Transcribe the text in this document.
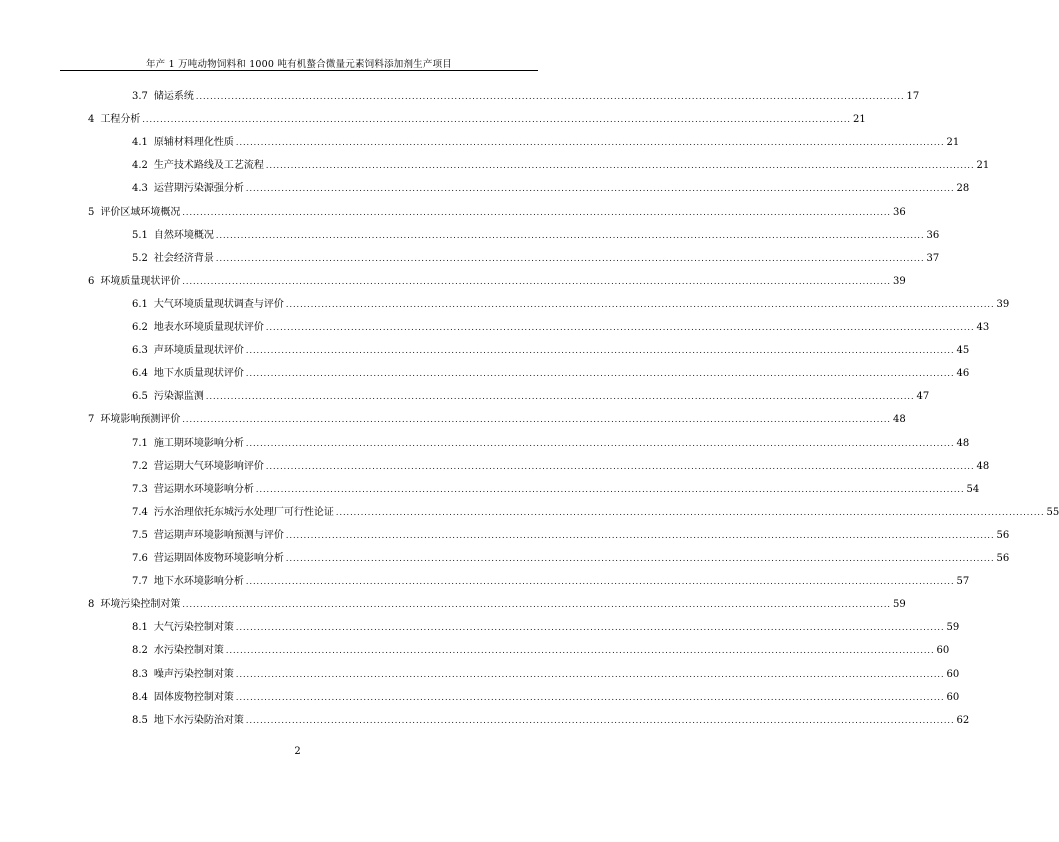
年产 1 万吨动物饲料和 1000 吨有机螯合微量元素饲料添加剂生产项目
3.7 储运系统 ........................................................................................................................................................................................................ 17
4 工程分析 ........................................................................................................................................................................................................ 21
4.1 原辅材料理化性质 ........................................................................................................................................................................................................ 21
4.2 生产技术路线及工艺流程 ........................................................................................................................................................................................................ 21
4.3 运营期污染源强分析 ........................................................................................................................................................................................................ 28
5 评价区域环境概况 ........................................................................................................................................................................................................ 36
5.1 自然环境概况 ........................................................................................................................................................................................................ 36
5.2 社会经济背景 ........................................................................................................................................................................................................ 37
6 环境质量现状评价 ........................................................................................................................................................................................................ 39
6.1 大气环境质量现状调查与评价 ........................................................................................................................................................................................................ 39
6.2 地表水环境质量现状评价 ........................................................................................................................................................................................................ 43
6.3 声环境质量现状评价 ........................................................................................................................................................................................................ 45
6.4 地下水质量现状评价 ........................................................................................................................................................................................................ 46
6.5 污染源监测 ........................................................................................................................................................................................................ 47
7 环境影响预测评价 ........................................................................................................................................................................................................ 48
7.1 施工期环境影响分析 ........................................................................................................................................................................................................ 48
7.2 营运期大气环境影响评价 ........................................................................................................................................................................................................ 48
7.3 营运期水环境影响分析 ........................................................................................................................................................................................................ 54
7.4 污水治理依托东城污水处理厂可行性论证 ........................................................................................................................................................................................................ 55
7.5 营运期声环境影响预测与评价 ........................................................................................................................................................................................................ 56
7.6 营运期固体废物环境影响分析 ........................................................................................................................................................................................................ 56
7.7 地下水环境影响分析 ........................................................................................................................................................................................................ 57
8 环境污染控制对策 ........................................................................................................................................................................................................ 59
8.1 大气污染控制对策 ........................................................................................................................................................................................................ 59
8.2 水污染控制对策 ........................................................................................................................................................................................................ 60
8.3 噪声污染控制对策 ........................................................................................................................................................................................................ 60
8.4 固体废物控制对策 ........................................................................................................................................................................................................ 60
8.5 地下水污染防治对策 ........................................................................................................................................................................................................ 62
2
